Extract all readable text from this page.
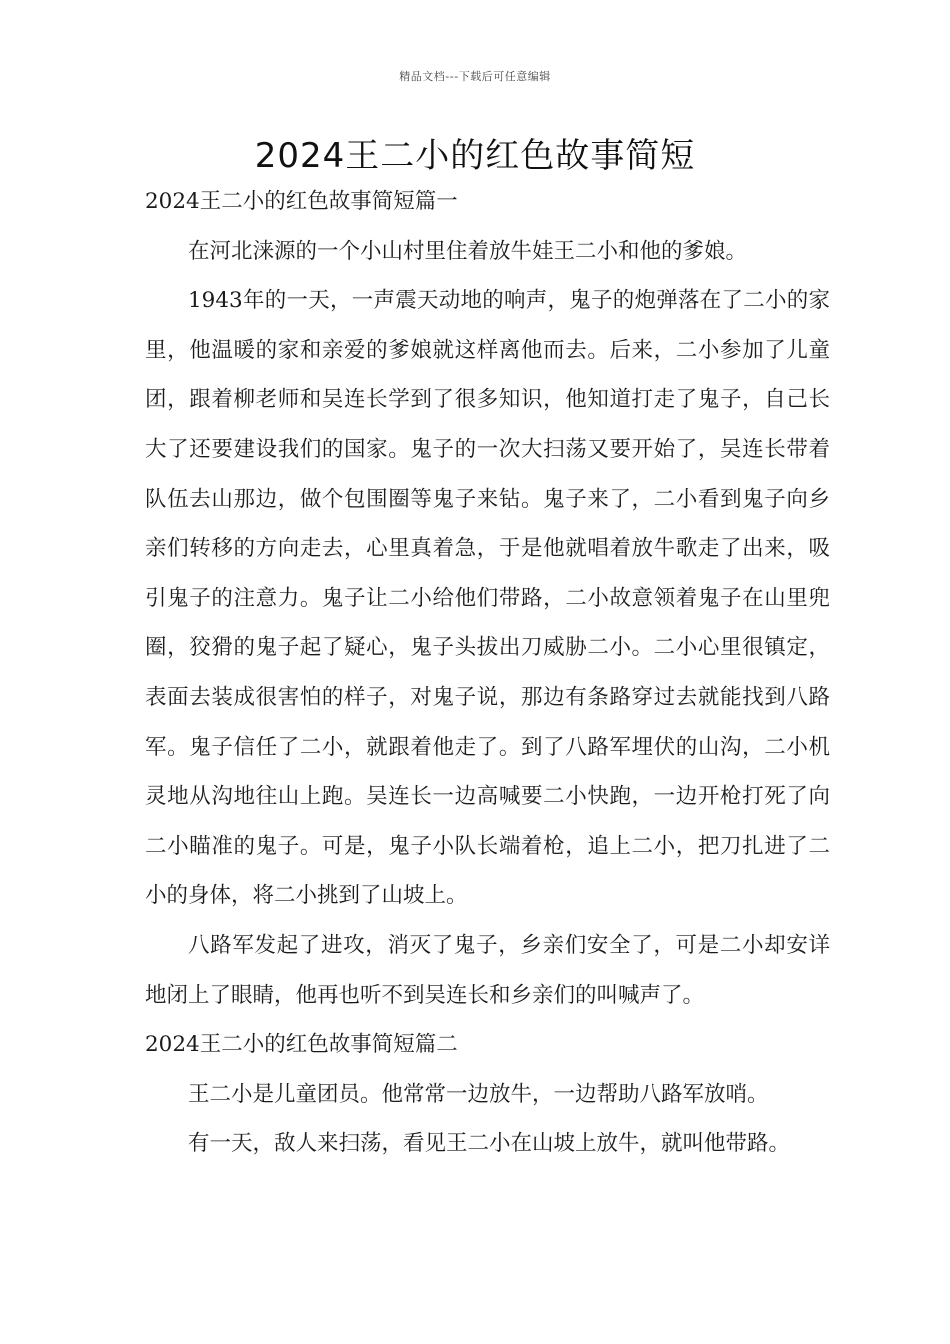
精品文档---下载后可任意编辑
2024王二小的红色故事简短

2024王二小的红色故事简短篇一

在河北涞源的一个小山村里住着放牛娃王二小和他的爹娘。

1943年的一天，一声震天动地的响声，鬼子的炮弹落在了二小的家里，他温暖的家和亲爱的爹娘就这样离他而去。后来，二小参加了儿童团，跟着柳老师和吴连长学到了很多知识，他知道打走了鬼子，自己长大了还要建设我们的国家。鬼子的一次大扫荡又要开始了，吴连长带着队伍去山那边，做个包围圈等鬼子来钻。鬼子来了，二小看到鬼子向乡亲们转移的方向走去，心里真着急，于是他就唱着放牛歌走了出来，吸引鬼子的注意力。鬼子让二小给他们带路，二小故意领着鬼子在山里兜圈，狡猾的鬼子起了疑心，鬼子头拔出刀威胁二小。二小心里很镇定，表面去装成很害怕的样子，对鬼子说，那边有条路穿过去就能找到八路军。鬼子信任了二小，就跟着他走了。到了八路军埋伏的山沟，二小机灵地从沟地往山上跑。吴连长一边高喊要二小快跑，一边开枪打死了向二小瞄准的鬼子。可是，鬼子小队长端着枪，追上二小，把刀扎进了二小的身体，将二小挑到了山坡上。

八路军发起了进攻，消灭了鬼子，乡亲们安全了，可是二小却安详地闭上了眼睛，他再也听不到吴连长和乡亲们的叫喊声了。

2024王二小的红色故事简短篇二

王二小是儿童团员。他常常一边放牛，一边帮助八路军放哨。

有一天，敌人来扫荡，看见王二小在山坡上放牛，就叫他带路。
